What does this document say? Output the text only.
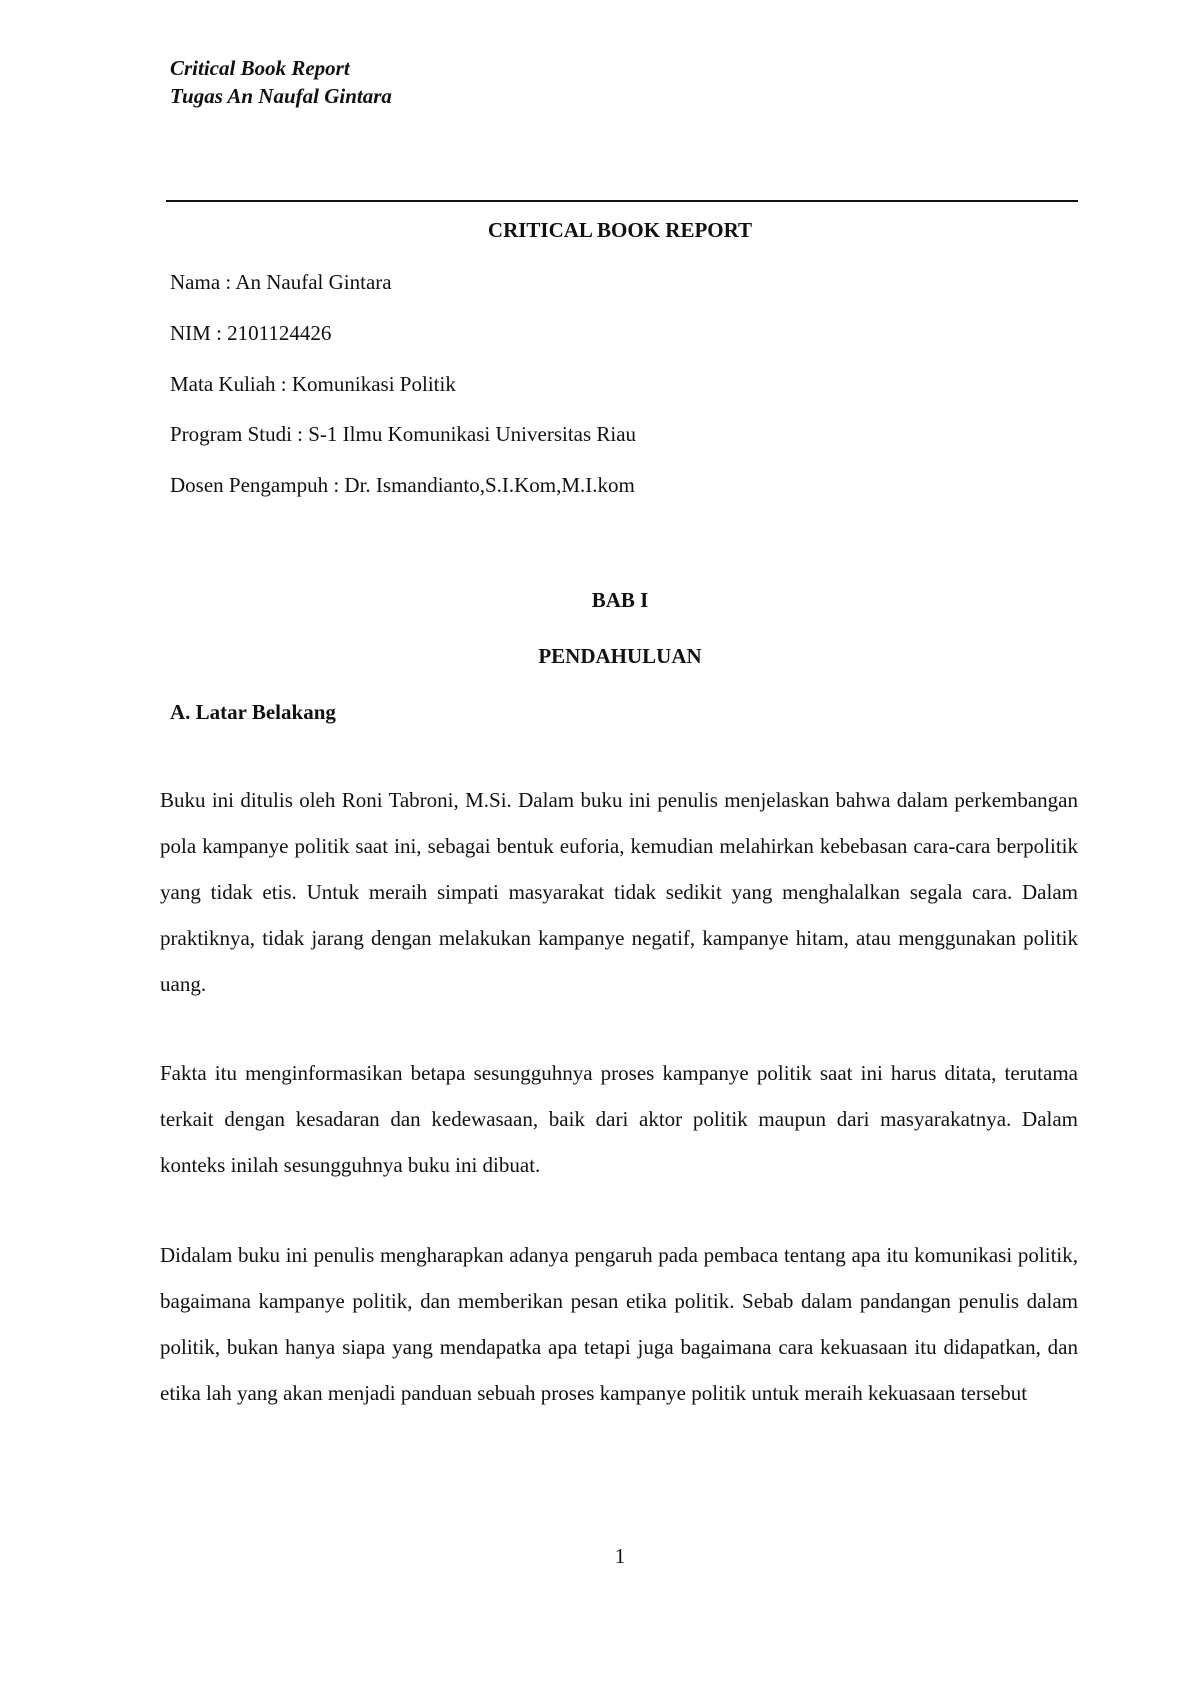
Critical Book Report
Tugas An Naufal Gintara
CRITICAL BOOK REPORT
Nama : An Naufal Gintara
NIM : 2101124426
Mata Kuliah : Komunikasi Politik
Program Studi : S-1 Ilmu Komunikasi Universitas Riau
Dosen Pengampuh : Dr. Ismandianto,S.I.Kom,M.I.kom
BAB I
PENDAHULUAN
A. Latar Belakang

Buku ini ditulis oleh Roni Tabroni, M.Si. Dalam buku ini penulis menjelaskan bahwa dalam perkembangan pola kampanye politik saat ini, sebagai bentuk euforia, kemudian melahirkan kebebasan cara-cara berpolitik yang tidak etis. Untuk meraih simpati masyarakat tidak sedikit yang menghalalkan segala cara. Dalam praktiknya, tidak jarang dengan melakukan kampanye negatif, kampanye hitam, atau menggunakan politik uang.

Fakta itu menginformasikan betapa sesungguhnya proses kampanye politik saat ini harus ditata, terutama terkait dengan kesadaran dan kedewasaan, baik dari aktor politik maupun dari masyarakatnya. Dalam konteks inilah sesungguhnya buku ini dibuat.

Didalam buku ini penulis mengharapkan adanya pengaruh pada pembaca tentang apa itu komunikasi politik, bagaimana kampanye politik, dan memberikan pesan etika politik. Sebab dalam pandangan penulis dalam politik, bukan hanya siapa yang mendapatka apa tetapi juga bagaimana cara kekuasaan itu didapatkan, dan etika lah yang akan menjadi panduan sebuah proses kampanye politik untuk meraih kekuasaan tersebut

1
